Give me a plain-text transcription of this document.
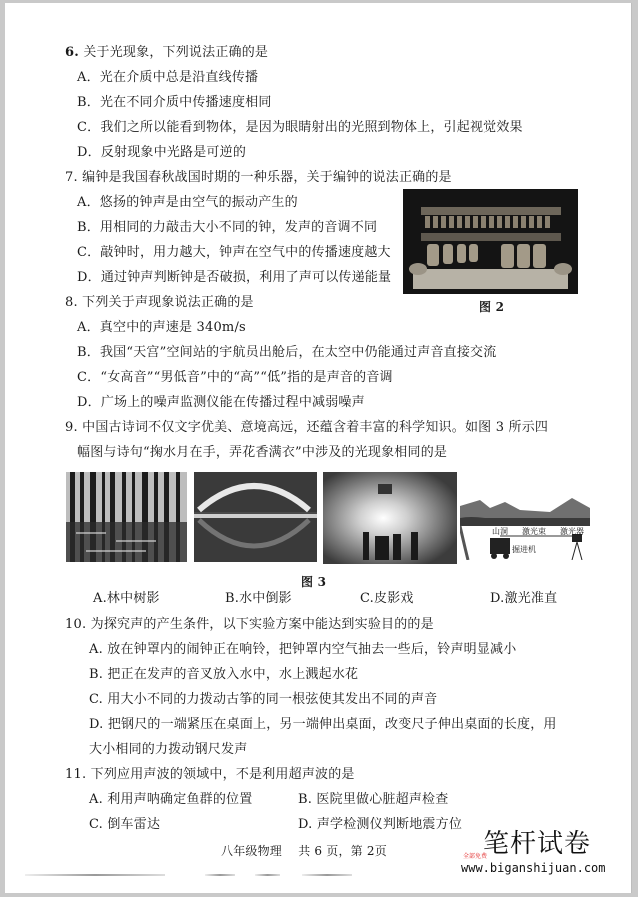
6. 关于光现象，下列说法正确的是
A．光在介质中总是沿直线传播
B．光在不同介质中传播速度相同
C．我们之所以能看到物体，是因为眼睛射出的光照到物体上，引起视觉效果
D．反射现象中光路是可逆的
7. 编钟是我国春秋战国时期的一种乐器，关于编钟的说法正确的是
A．悠扬的钟声是由空气的振动产生的
B．用相同的力敲击大小不同的钟，发声的音调不同
C．敲钟时，用力越大，钟声在空气中的传播速度越大
D．通过钟声判断钟是否破损，利用了声可以传递能量
图 2
8. 下列关于声现象说法正确的是
A．真空中的声速是 340m/s
B．我国“天宫”空间站的宇航员出舱后，在太空中仍能通过声音直接交流
C．“女高音”“男低音”中的“高”“低”指的是声音的音调
D．广场上的噪声监测仪能在传播过程中减弱噪声
9. 中国古诗词不仅文字优美、意境高远，还蕴含着丰富的科学知识。如图 3 所示四
幅图与诗句“掬水月在手，弄花香满衣”中涉及的光现象相同的是
山洞 激光束 激光器
掘进机
图 3
A.林中树影	B.水中倒影	C.皮影戏	D.激光准直
10. 为探究声的产生条件，以下实验方案中能达到实验目的的是
A. 放在钟罩内的闹钟正在响铃，把钟罩内空气抽去一些后，铃声明显减小
B. 把正在发声的音叉放入水中，水上溅起水花
C. 用大小不同的力拨动古筝的同一根弦使其发出不同的声音
D. 把钢尺的一端紧压在桌面上，另一端伸出桌面，改变尺子伸出桌面的长度，用
大小相同的力拨动钢尺发声
11. 下列应用声波的领域中，不是利用超声波的是
A. 利用声呐确定鱼群的位置	B. 医院里做心脏超声检查
C. 倒车雷达	D. 声学检测仪判断地震方位
八年级物理　 共 6 页，第 2页	笔杆试卷
全部免费
www.biganshijuan.com
